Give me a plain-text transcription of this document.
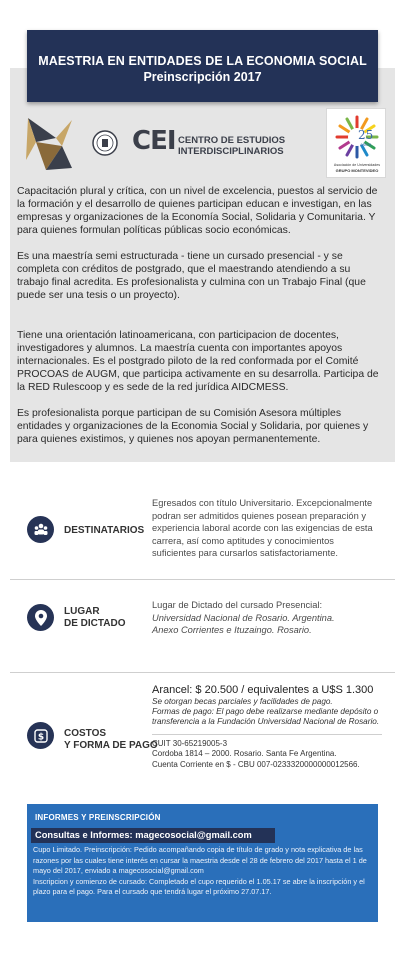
MAESTRIA EN ENTIDADES DE LA ECONOMIA SOCIAL
Preinscripción 2017
CEI CENTRO DE ESTUDIOS
INTERDISCIPLINARIOS
25
AÑOS
Asociación de Universidades
GRUPO MONTEVIDEO

Capacitación plural y crítica, con un nivel de excelencia, puestos al servicio de la formación y el desarrollo de quienes participan educan e investigan, en las empresas y organizaciones de la Economía Social, Solidaria y Comunitaria. Y para quienes formulan políticas públicas socio económicas.

Es una maestría semi estructurada - tiene un cursado presencial - y se completa con créditos de postgrado, que el maestrando atendiendo a su trabajo final acredita. Es profesionalista y culmina con un Trabajo Final (que puede ser una tesis o un proyecto).

Tiene una orientación latinoamericana, con participacion de docentes, investigadores y alumnos. La maestría cuenta con importantes apoyos internacionales. Es el postgrado piloto de la red conformada por el Comité PROCOAS de AUGM, que participa activamente en su desarrolla. Participa de la RED Rulescoop y es sede de la red jurídica AIDCMESS.

Es profesionalista porque participan de su Comisión Asesora múltiples entidades y organizaciones de la Economia Social y Solidaria, por quienes y para quienes existimos, y quienes nos apoyan permanentemente.

DESTINATARIOS

Egresados con título Universitario. Excepcionalmente podran ser admitidos quienes posean preparación y experiencia laboral acorde con las exigencias de esta carrera, así como aptitudes y conocimientos suficientes para cursarlos satisfactoriamente.

LUGAR
DE DICTADO
Lugar de Dictado del cursado Presencial:
Universidad Nacional de Rosario. Argentina.
Anexo Corrientes e Ituzaingo. Rosario.
$ COSTOS
Y FORMA DE PAGO
Arancel: $ 20.500 / equivalentes a U$S 1.300
Se otorgan becas parciales y facilidades de pago.
Formas de pago: El pago debe realizarse mediante depósito o transferencia a la Fundación Universidad Nacional de Rosario.
CUIT 30-65219005-3
Cordoba 1814 – 2000. Rosario. Santa Fe Argentina.
Cuenta Corriente en $ - CBU 007-0233320000000012566.
INFORMES Y PREINSCRIPCIÓN
Consultas e Informes: magecosocial@gmail.com
Cupo Limitado. Preinscripción: Pedido acompañando copia de título de grado y nota explicativa de las razones por las cuales tiene interés en cursar la maestria desde el 28 de febrero del 2017 hasta el 1 de mayo del 2017, enviado a magecosocial@gmail.com
Inscripcion y comienzo de cursado: Completado el cupo requerido el 1.05.17 se abre la inscripción y el plazo para el pago. Para el cursado que tendrá lugar el próximo 27.07.17.
